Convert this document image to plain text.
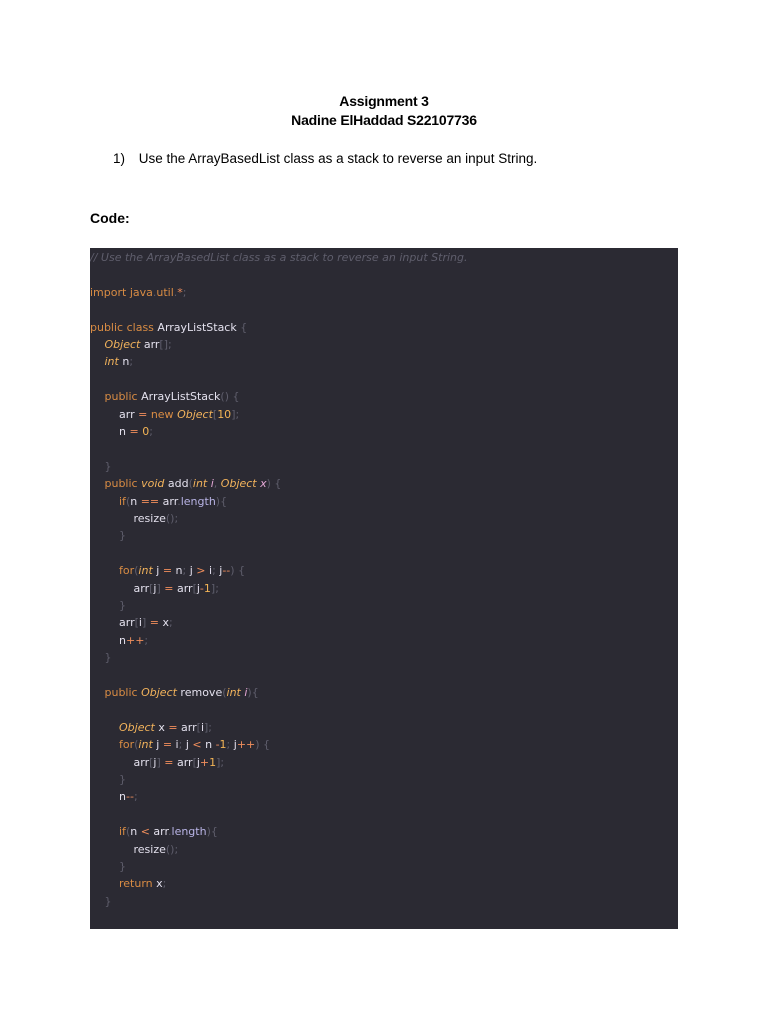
Assignment 3
Nadine ElHaddad S22107736
1) Use the ArrayBasedList class as a stack to reverse an input String.
Code:
// Use the ArrayBasedList class as a stack to reverse an input String.
import java.util.*;
public class ArrayListStack {
Object arr[];
int n;
public ArrayListStack() {
arr = new Object[10];
n = 0;
}
public void add(int i, Object x) {
if(n == arr.length){
resize();
}
for(int j = n; j > i; j--) {
arr[j] = arr[j-1];
}
arr[i] = x;
n++;
}
public Object remove(int i){
Object x = arr[i];
for(int j = i; j < n -1; j++) {
arr[j] = arr[j+1];
}
n--;
if(n < arr.length){
resize();
}
return x;
}
